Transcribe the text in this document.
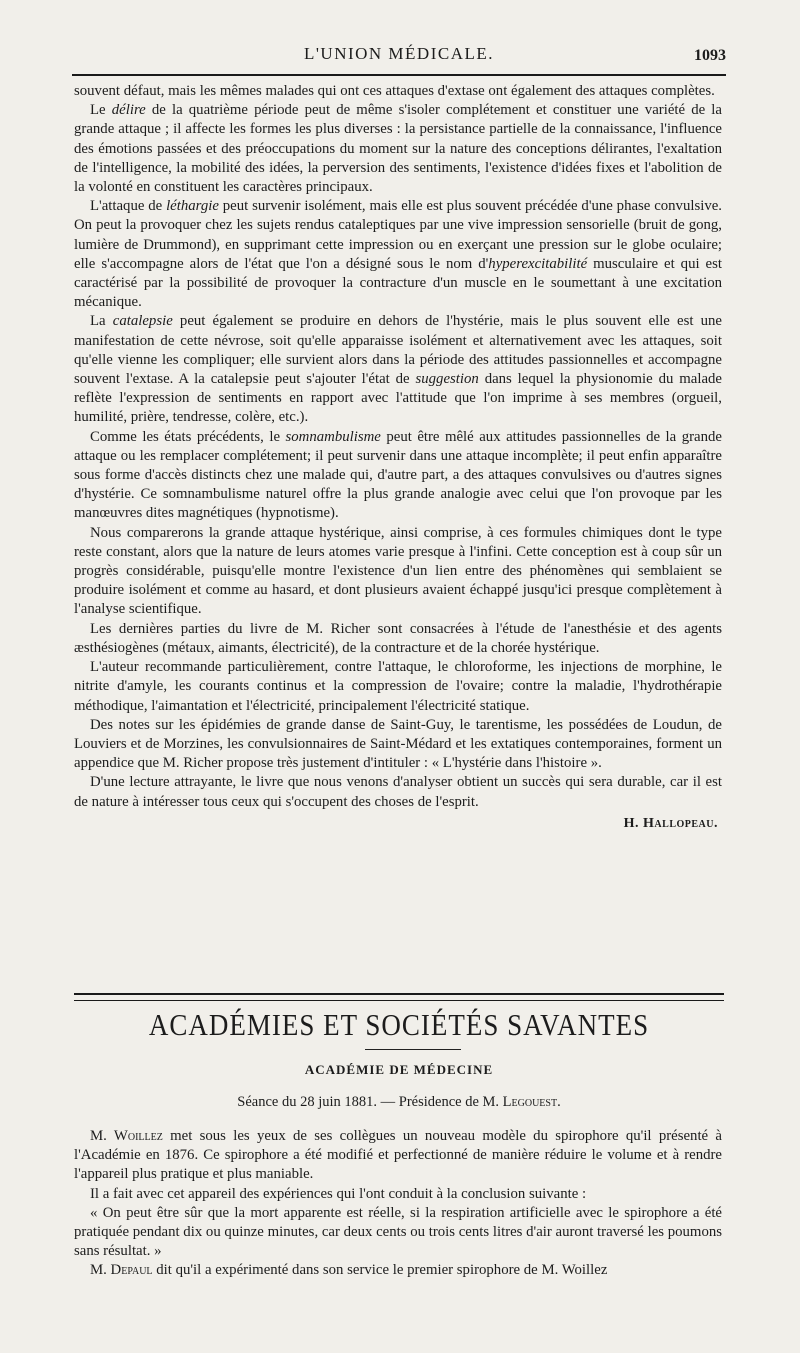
L'UNION MÉDICALE.	1093

souvent défaut, mais les mêmes malades qui ont ces attaques d'extase ont également des attaques complètes.

Le délire de la quatrième période peut de même s'isoler complétement et constituer une variété de la grande attaque ; il affecte les formes les plus diverses : la persistance partielle de la connaissance, l'influence des émotions passées et des préoccupations du moment sur la nature des conceptions délirantes, l'exaltation de l'intelligence, la mobilité des idées, la perversion des sentiments, l'existence d'idées fixes et l'abolition de la volonté en constituent les caractères principaux.

L'attaque de léthargie peut survenir isolément, mais elle est plus souvent précédée d'une phase convulsive. On peut la provoquer chez les sujets rendus cataleptiques par une vive impression sensorielle (bruit de gong, lumière de Drummond), en supprimant cette impression ou en exerçant une pression sur le globe oculaire; elle s'accompagne alors de l'état que l'on a désigné sous le nom d'hyperexcitabilité musculaire et qui est caractérisé par la possibilité de provoquer la contracture d'un muscle en le soumettant à une excitation mécanique.

La catalepsie peut également se produire en dehors de l'hystérie, mais le plus souvent elle est une manifestation de cette névrose, soit qu'elle apparaisse isolément et alternativement avec les attaques, soit qu'elle vienne les compliquer; elle survient alors dans la période des attitudes passionnelles et accompagne souvent l'extase. A la catalepsie peut s'ajouter l'état de suggestion dans lequel la physionomie du malade reflète l'expression de sentiments en rapport avec l'attitude que l'on imprime à ses membres (orgueil, humilité, prière, tendresse, colère, etc.).

Comme les états précédents, le somnambulisme peut être mêlé aux attitudes passionnelles de la grande attaque ou les remplacer complétement; il peut survenir dans une attaque incomplète; il peut enfin apparaître sous forme d'accès distincts chez une malade qui, d'autre part, a des attaques convulsives ou d'autres signes d'hystérie. Ce somnambulisme naturel offre la plus grande analogie avec celui que l'on provoque par les manœuvres dites magnétiques (hypnotisme).

Nous comparerons la grande attaque hystérique, ainsi comprise, à ces formules chimiques dont le type reste constant, alors que la nature de leurs atomes varie presque à l'infini. Cette conception est à coup sûr un progrès considérable, puisqu'elle montre l'existence d'un lien entre des phénomènes qui semblaient se produire isolément et comme au hasard, et dont plusieurs avaient échappé jusqu'ici presque complètement à l'analyse scientifique.

Les dernières parties du livre de M. Richer sont consacrées à l'étude de l'anesthésie et des agents æsthésiogènes (métaux, aimants, électricité), de la contracture et de la chorée hystérique.

L'auteur recommande particulièrement, contre l'attaque, le chloroforme, les injections de morphine, le nitrite d'amyle, les courants continus et la compression de l'ovaire; contre la maladie, l'hydrothérapie méthodique, l'aimantation et l'électricité, principalement l'électricité statique.

Des notes sur les épidémies de grande danse de Saint-Guy, le tarentisme, les possédées de Loudun, de Louviers et de Morzines, les convulsionnaires de Saint-Médard et les extatiques contemporaines, forment un appendice que M. Richer propose très justement d'intituler : « L'hystérie dans l'histoire ».

D'une lecture attrayante, le livre que nous venons d'analyser obtient un succès qui sera durable, car il est de nature à intéresser tous ceux qui s'occupent des choses de l'esprit.

H. Hallopeau.
ACADÉMIES ET SOCIÉTÉS SAVANTES
ACADÉMIE DE MÉDECINE
Séance du 28 juin 1881. — Présidence de M. Legouest.

M. Woillez met sous les yeux de ses collègues un nouveau modèle du spirophore qu'il présenté à l'Académie en 1876. Ce spirophore a été modifié et perfectionné de manière réduire le volume et à rendre l'appareil plus pratique et plus maniable.

Il a fait avec cet appareil des expériences qui l'ont conduit à la conclusion suivante :

« On peut être sûr que la mort apparente est réelle, si la respiration artificielle avec le spirophore a été pratiquée pendant dix ou quinze minutes, car deux cents ou trois cents litres d'air auront traversé les poumons sans résultat. »

M. Depaul dit qu'il a expérimenté dans son service le premier spirophore de M. Woillez
